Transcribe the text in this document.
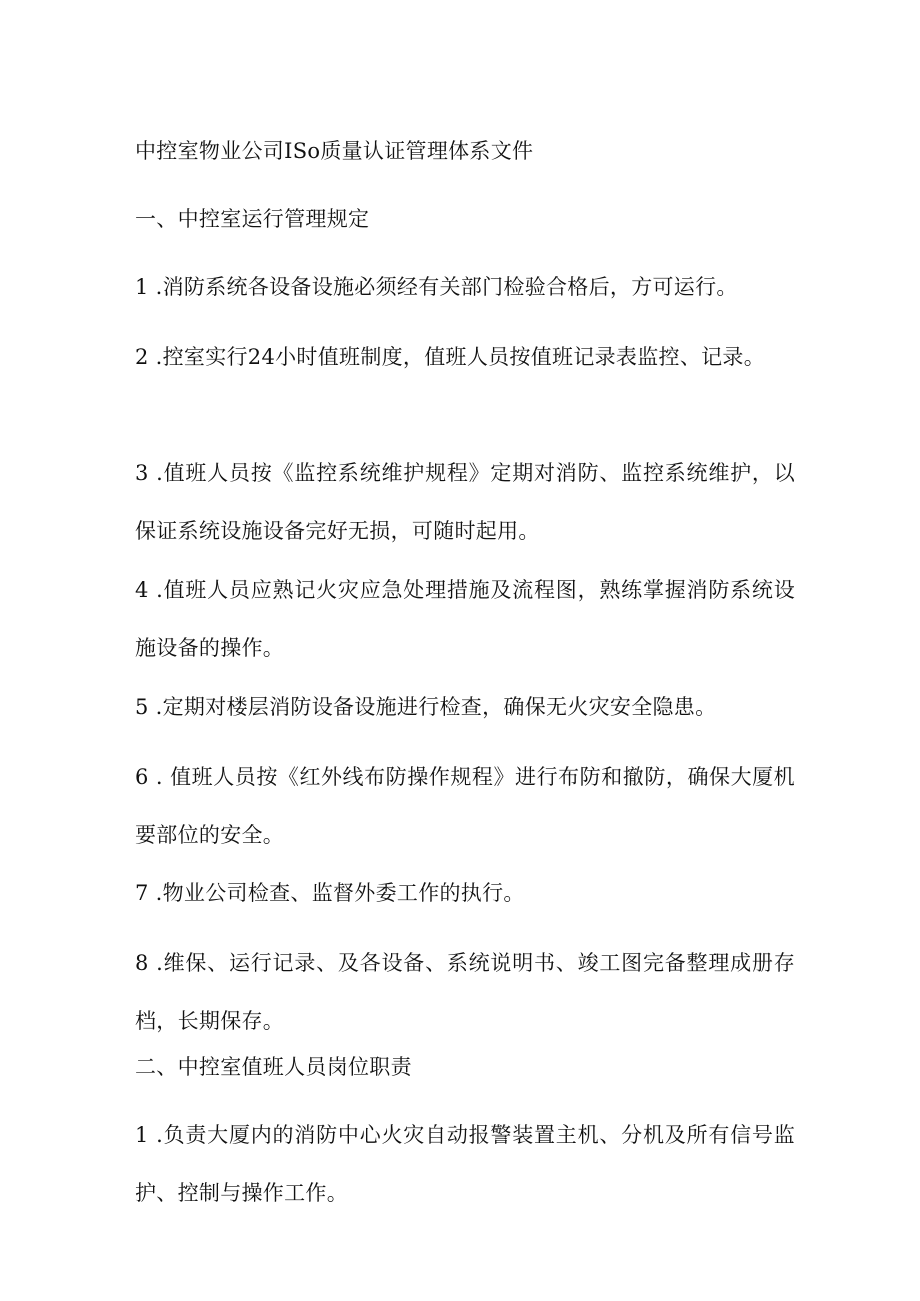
中控室物业公司ISo质量认证管理体系文件
一、中控室运行管理规定
1 .消防系统各设备设施必须经有关部门检验合格后，方可运行。
2 .控室实行24小时值班制度，值班人员按值班记录表监控、记录。
3 .值班人员按《监控系统维护规程》定期对消防、监控系统维护，以保证系统设施设备完好无损，可随时起用。
4 .值班人员应熟记火灾应急处理措施及流程图，熟练掌握消防系统设施设备的操作。
5 .定期对楼层消防设备设施进行检查，确保无火灾安全隐患。
6 . 值班人员按《红外线布防操作规程》进行布防和撤防，确保大厦机要部位的安全。
7 .物业公司检查、监督外委工作的执行。
8 .维保、运行记录、及各设备、系统说明书、竣工图完备整理成册存档，长期保存。
二、中控室值班人员岗位职责
1 .负责大厦内的消防中心火灾自动报警装置主机、分机及所有信号监护、控制与操作工作。
